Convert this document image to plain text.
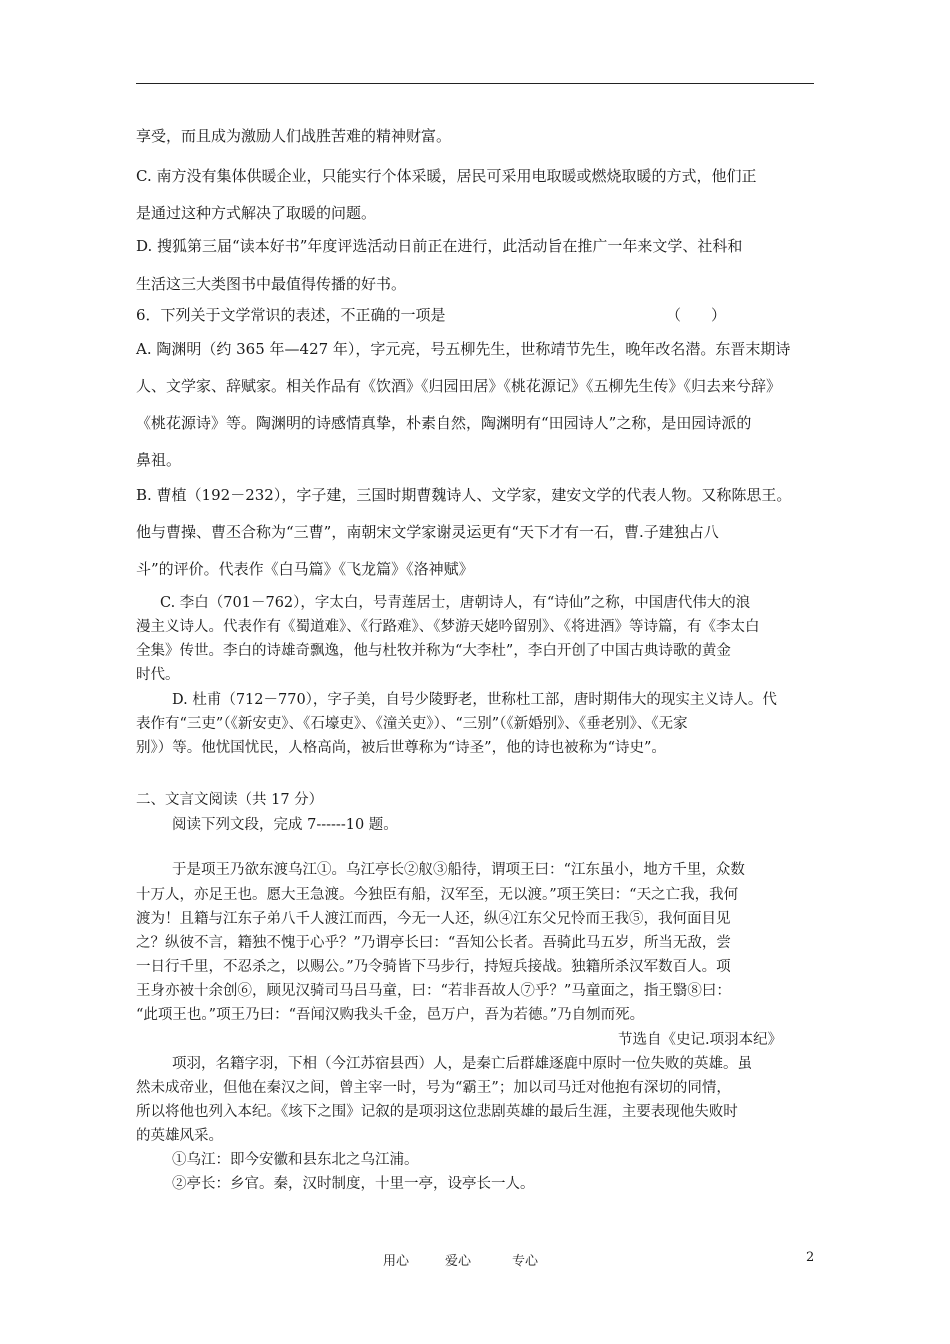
享受，而且成为激励人们战胜苦难的精神财富。
C. 南方没有集体供暖企业，只能实行个体采暖，居民可采用电取暖或燃烧取暖的方式，他们正
是通过这种方式解决了取暖的问题。
D. 搜狐第三届“读本好书”年度评选活动日前正在进行，此活动旨在推广一年来文学、社科和
生活这三大类图书中最值得传播的好书。
6．下列关于文学常识的表述，不正确的一项是	（　　）
A. 陶渊明（约 365 年—427 年），字元亮，号五柳先生，世称靖节先生，晚年改名潜。东晋末期诗
人、文学家、辞赋家。相关作品有《饮酒》《归园田居》《桃花源记》《五柳先生传》《归去来兮辞》
《桃花源诗》等。陶渊明的诗感情真挚，朴素自然，陶渊明有“田园诗人”之称，是田园诗派的
鼻祖。
B. 曹植（192－232），字子建，三国时期曹魏诗人、文学家，建安文学的代表人物。又称陈思王。
他与曹操、曹丕合称为“三曹”，南朝宋文学家谢灵运更有“天下才有一石，曹.子建独占八
斗”的评价。代表作《白马篇》《飞龙篇》《洛神赋》
C. 李白（701－762），字太白，号青莲居士，唐朝诗人，有“诗仙”之称，中国唐代伟大的浪
漫主义诗人。代表作有《蜀道难》、《行路难》、《梦游天姥吟留别》、《将进酒》等诗篇，有《李太白
全集》传世。李白的诗雄奇飘逸，他与杜牧并称为“大李杜”，李白开创了中国古典诗歌的黄金
时代。
D. 杜甫（712－770），字子美，自号少陵野老，世称杜工部，唐时期伟大的现实主义诗人。代
表作有“三吏”（《新安吏》、《石壕吏》、《潼关吏》）、“三别”（《新婚别》、《垂老别》、《无家
别》）等。他忧国忧民，人格高尚，被后世尊称为“诗圣”，他的诗也被称为“诗史”。
二、文言文阅读（共 17 分）
阅读下列文段，完成 7------10 题。
于是项王乃欲东渡乌江①。乌江亭长②舣③船待，谓项王曰：“江东虽小，地方千里，众数
十万人，亦足王也。愿大王急渡。今独臣有船，汉军至，无以渡。”项王笑曰：“天之亡我，我何
渡为！且籍与江东子弟八千人渡江而西，今无一人还，纵④江东父兄怜而王我⑤，我何面目见
之？纵彼不言，籍独不愧于心乎？”乃谓亭长曰：“吾知公长者。吾骑此马五岁，所当无敌，尝
一日行千里，不忍杀之，以赐公。”乃令骑皆下马步行，持短兵接战。独籍所杀汉军数百人。项
王身亦被十余创⑥，顾见汉骑司马吕马童，曰：“若非吾故人⑦乎？”马童面之，指王翳⑧曰：
“此项王也。”项王乃曰：“吾闻汉购我头千金，邑万户，吾为若德。”乃自刎而死。
节选自《史记.项羽本纪》
项羽，名籍字羽，下相（今江苏宿县西）人，是秦亡后群雄逐鹿中原时一位失败的英雄。虽
然未成帝业，但他在秦汉之间，曾主宰一时，号为“霸王”；加以司马迁对他抱有深切的同情，
所以将他也列入本纪。《垓下之围》记叙的是项羽这位悲剧英雄的最后生涯，主要表现他失败时
的英雄风采。
①乌江：即今安徽和县东北之乌江浦。
②亭长：乡官。秦，汉时制度，十里一亭，设亭长一人。
用心	爱心	专心	2
